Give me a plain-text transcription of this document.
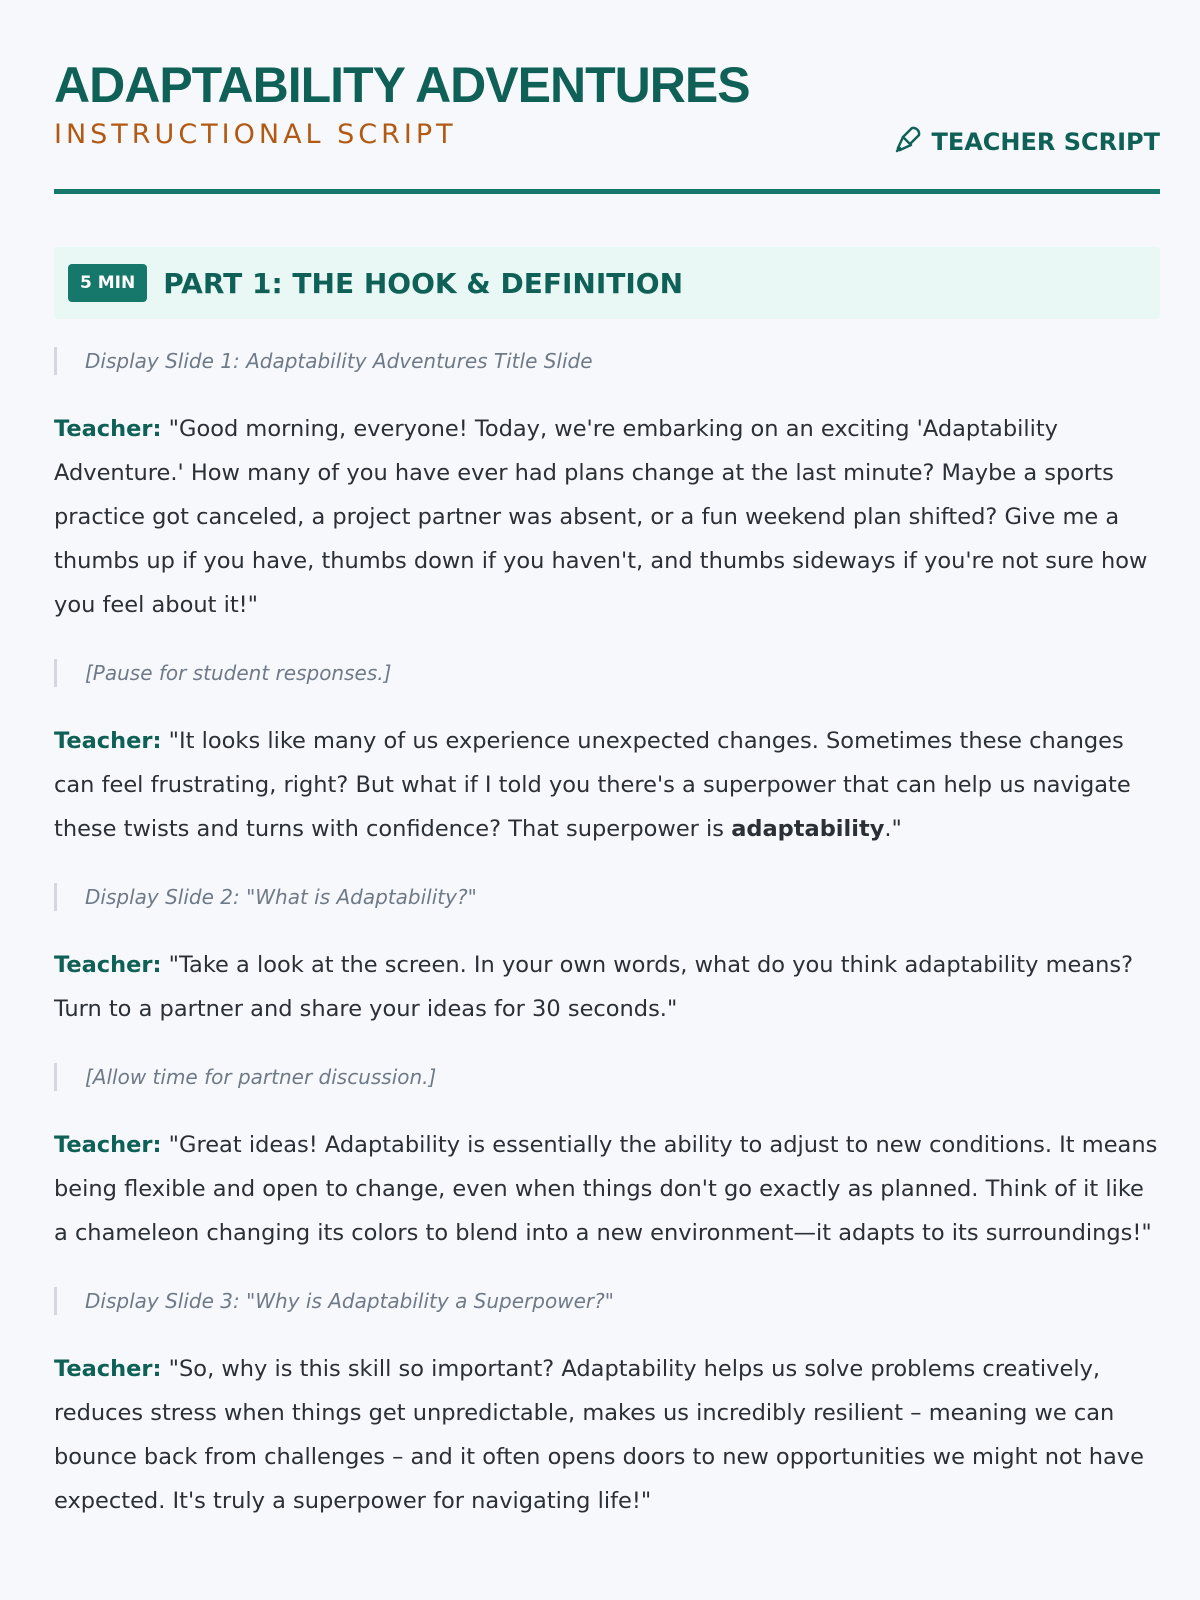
ADAPTABILITY ADVENTURES
INSTRUCTIONAL SCRIPT	TEACHER SCRIPT
5 MIN	PART 1: THE HOOK & DEFINITION
Display Slide 1: Adaptability Adventures Title Slide

Teacher: "Good morning, everyone! Today, we're embarking on an exciting 'Adaptability Adventure.' How many of you have ever had plans change at the last minute? Maybe a sports practice got canceled, a project partner was absent, or a fun weekend plan shifted? Give me a thumbs up if you have, thumbs down if you haven't, and thumbs sideways if you're not sure how you feel about it!"

[Pause for student responses.]

Teacher: "It looks like many of us experience unexpected changes. Sometimes these changes can feel frustrating, right? But what if I told you there's a superpower that can help us navigate these twists and turns with confidence? That superpower is adaptability."

Display Slide 2: "What is Adaptability?"

Teacher: "Take a look at the screen. In your own words, what do you think adaptability means? Turn to a partner and share your ideas for 30 seconds."

[Allow time for partner discussion.]

Teacher: "Great ideas! Adaptability is essentially the ability to adjust to new conditions. It means being flexible and open to change, even when things don't go exactly as planned. Think of it like a chameleon changing its colors to blend into a new environment—it adapts to its surroundings!"

Display Slide 3: "Why is Adaptability a Superpower?"

Teacher: "So, why is this skill so important? Adaptability helps us solve problems creatively, reduces stress when things get unpredictable, makes us incredibly resilient – meaning we can bounce back from challenges – and it often opens doors to new opportunities we might not have expected. It's truly a superpower for navigating life!"
